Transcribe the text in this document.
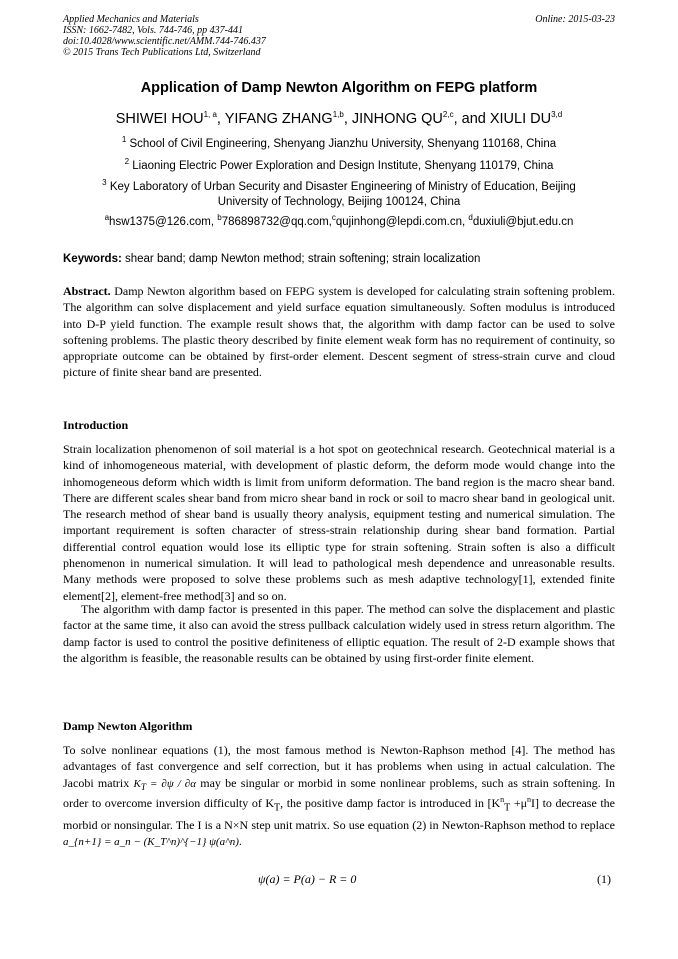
Applied Mechanics and Materials
ISSN: 1662-7482, Vols. 744-746, pp 437-441
doi:10.4028/www.scientific.net/AMM.744-746.437
© 2015 Trans Tech Publications Ltd, Switzerland
Online: 2015-03-23
Application of Damp Newton Algorithm on FEPG platform
SHIWEI HOU$^{1, a}$, YIFANG ZHANG$^{1,b}$, JINHONG QU$^{2,c}$, and XIULI DU$^{3,d}$
$^1$ School of Civil Engineering, Shenyang Jianzhu University, Shenyang 110168, China
$^2$ Liaoning Electric Power Exploration and Design Institute, Shenyang 110179, China
$^3$ Key Laboratory of Urban Security and Disaster Engineering of Ministry of Education, Beijing
University of Technology, Beijing 100124, China
$^a$hsw1375@126.com, $^b$786898732@qq.com,$^c$qujinhong@lepdi.com.cn, $^d$duxiuli@bjut.edu.cn
Keywords: shear band; damp Newton method; strain softening; strain localization
Abstract. Damp Newton algorithm based on FEPG system is developed for calculating strain softening problem. The algorithm can solve displacement and yield surface equation simultaneously. Soften modulus is introduced into D-P yield function. The example result shows that, the algorithm with damp factor can be used to solve softening problems. The plastic theory described by finite element weak form has no requirement of continuity, so appropriate outcome can be obtained by first-order element. Descent segment of stress-strain curve and cloud picture of finite shear band are presented.
Introduction
Strain localization phenomenon of soil material is a hot spot on geotechnical research. Geotechnical material is a kind of inhomogeneous material, with development of plastic deform, the deform mode would change into the inhomogeneous deform which width is limit from uniform deformation. The band region is the macro shear band. There are different scales shear band from micro shear band in rock or soil to macro shear band in geological unit. The research method of shear band is usually theory analysis, equipment testing and numerical simulation. The important requirement is soften character of stress-strain relationship during shear band formation. Partial differential control equation would lose its elliptic type for strain softening. Strain soften is also a difficult phenomenon in numerical simulation. It will lead to pathological mesh dependence and unreasonable results. Many methods were proposed to solve these problems such as mesh adaptive technology[1], extended finite element[2], element-free method[3] and so on.
The algorithm with damp factor is presented in this paper. The method can solve the displacement and plastic factor at the same time, it also can avoid the stress pullback calculation widely used in stress return algorithm. The damp factor is used to control the positive definiteness of elliptic equation. The result of 2-D example shows that the algorithm is feasible, the reasonable results can be obtained by using first-order finite element.
Damp Newton Algorithm
To solve nonlinear equations (1), the most famous method is Newton-Raphson method [4]. The method has advantages of fast convergence and self correction, but it has problems when using in actual calculation. The Jacobi matrix $K_T = \partial\psi / \partial\alpha$ may be singular or morbid in some nonlinear problems, such as strain softening. In order to overcome inversion difficulty of $K_T$, the positive damp factor is introduced in $[K^n_T +\mu^nI]$ to decrease the morbid or nonsingular. The I is a N×N step unit matrix. So use equation (2) in Newton-Raphson method to replace a_{n+1} = a_n − (K_T^n)^{−1} ψ(a^n).
ψ(a) = P(a) − R = 0	(1)
